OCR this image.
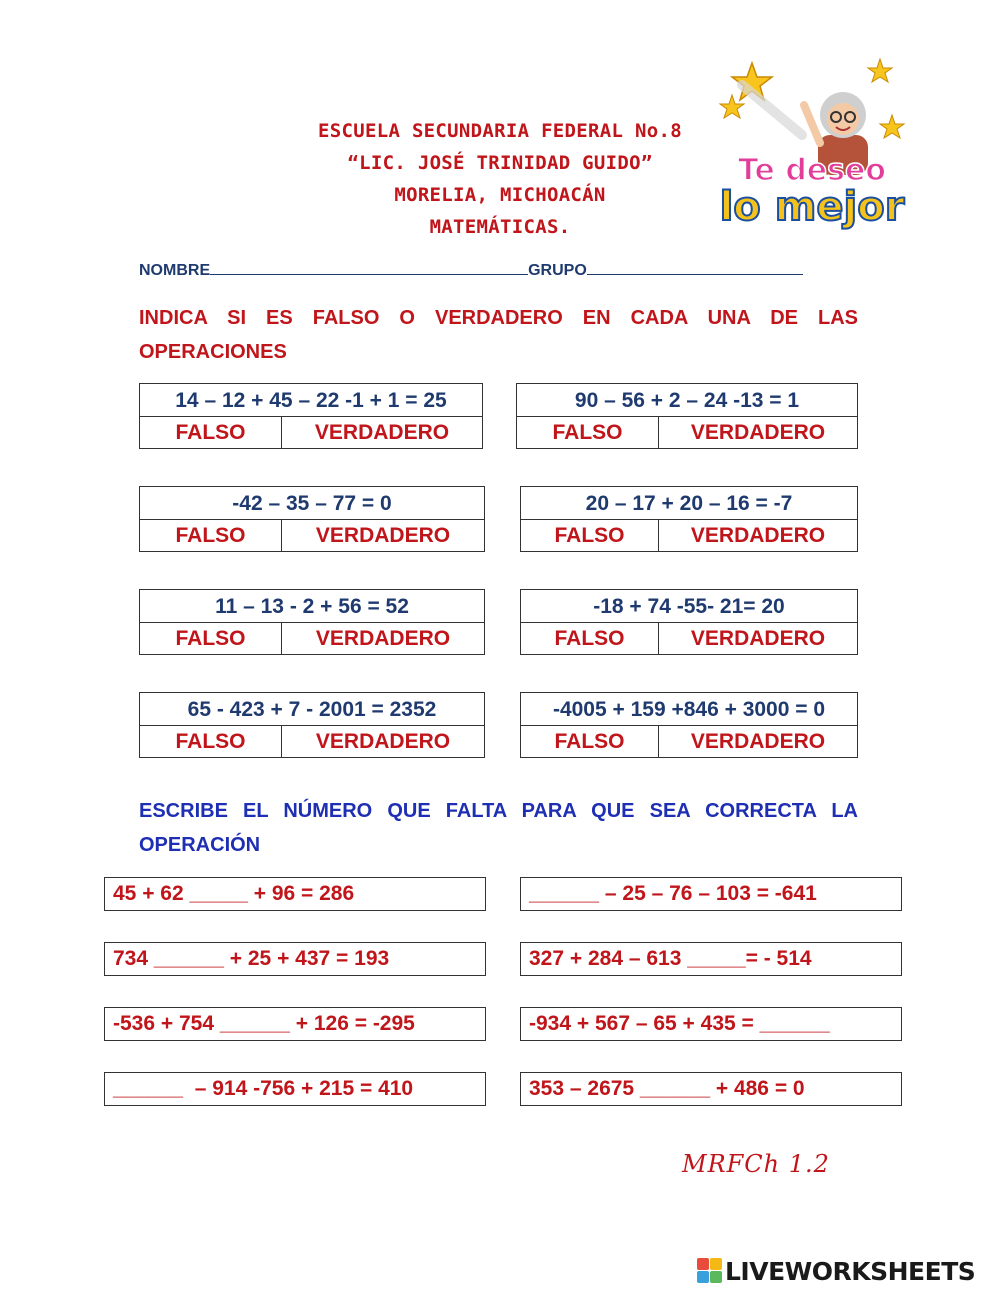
ESCUELA SECUNDARIA FEDERAL No.8
“LIC. JOSÉ TRINIDAD GUIDO”
MORELIA, MICHOACÁN
MATEMÁTICAS.
Te deseo
lo mejor
NOMBRE	GRUPO
INDICA SI ES FALSO O VERDADERO EN CADA UNA DE LAS OPERACIONES
14 – 12 + 45 – 22 -1 + 1 = 25
FALSO	VERDADERO
90 – 56 + 2 – 24 -13 = 1
FALSO	VERDADERO
-42 – 35 – 77 = 0
FALSO	VERDADERO
20 – 17 + 20 – 16 = -7
FALSO	VERDADERO
11 – 13 - 2 + 56 = 52
FALSO	VERDADERO
-18 + 74 -55- 21= 20
FALSO	VERDADERO
65 - 423 + 7 - 2001 = 2352
FALSO	VERDADERO
-4005 + 159 +846 + 3000 = 0
FALSO	VERDADERO
ESCRIBE EL NÚMERO QUE FALTA PARA QUE SEA CORRECTA LA OPERACIÓN
45 + 62 _____ + 96 = 286	______ – 25 – 76 – 103 = -641
734 ______ + 25 + 437 = 193	327 + 284 – 613 _____= - 514
-536 + 754 ______ + 126 = -295	-934 + 567 – 65 + 435 = ______
______  – 914 -756 + 215 = 410	353 – 2675 ______ + 486 = 0
MRFCh 1.2
LIVEWORKSHEETS
